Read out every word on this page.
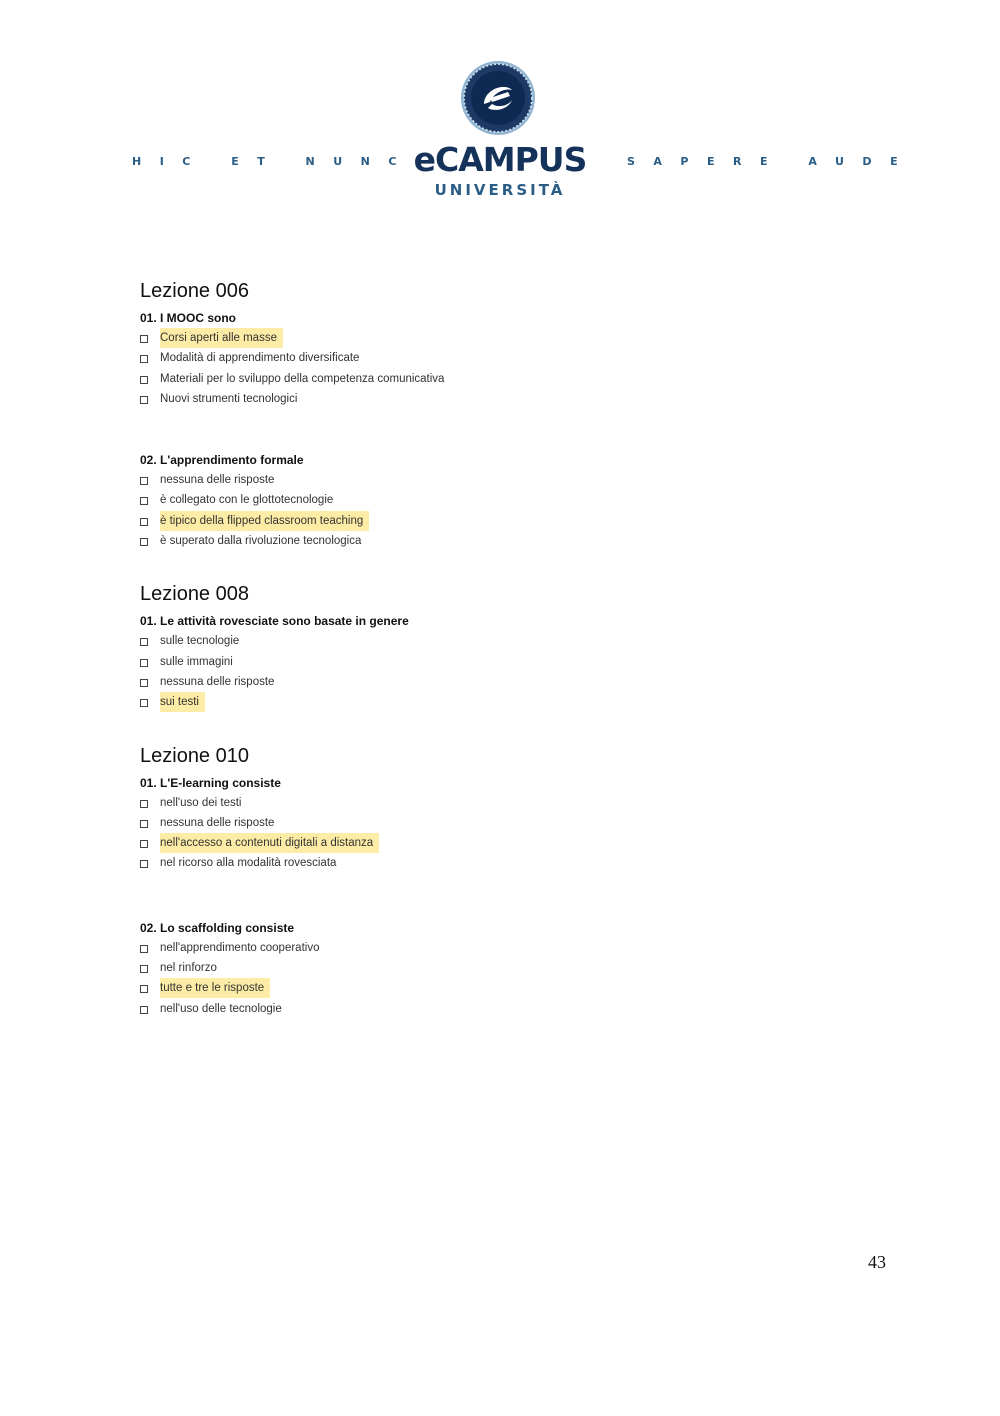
HIC ET NUNC	SAPERE AUDE
eCAMPUS
UNIVERSITÀ
Lezione 006
01. I MOOC sono
Corsi aperti alle masse
Modalità di apprendimento diversificate
Materiali per lo sviluppo della competenza comunicativa
Nuovi strumenti tecnologici
02. L'apprendimento formale
nessuna delle risposte
è collegato con le glottotecnologie
è tipico della flipped classroom teaching
è superato dalla rivoluzione tecnologica
Lezione 008
01. Le attività rovesciate sono basate in genere
sulle tecnologie
sulle immagini
nessuna delle risposte
sui testi
Lezione 010
01. L'E-learning consiste
nell'uso dei testi
nessuna delle risposte
nell'accesso a contenuti digitali a distanza
nel ricorso alla modalità rovesciata
02. Lo scaffolding consiste
nell'apprendimento cooperativo
nel rinforzo
tutte e tre le risposte
nell'uso delle tecnologie
43
